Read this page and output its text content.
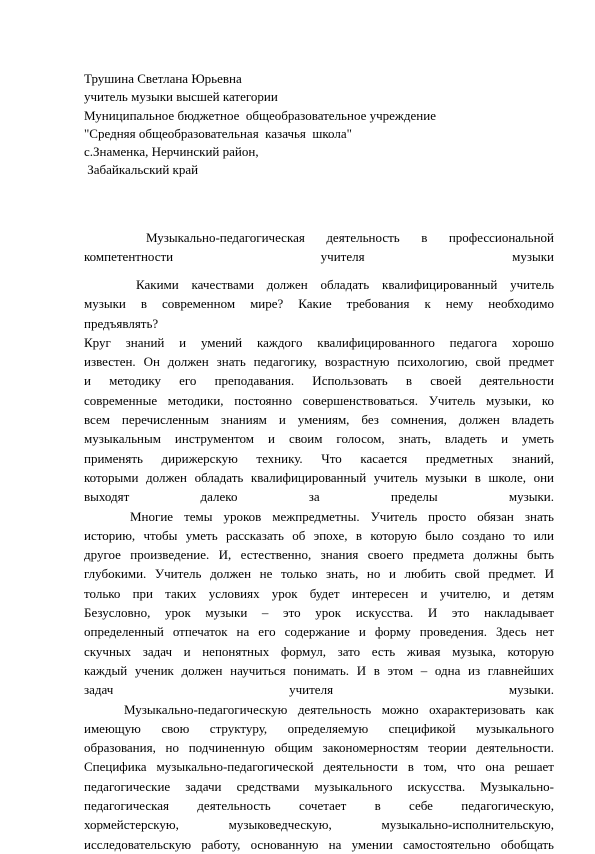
Трушина Светлана Юрьевна
учитель музыки высшей категории
Муниципальное бюджетное  общеобразовательное учреждение
"Средняя общеобразовательная  казачья  школа"
с.Знаменка, Нерчинский район,
Забайкальский край
Музыкально-педагогическая деятельность в профессиональной
компетентности учителя музыки
Какими качествами должен обладать квалифицированный учитель
музыки в современном мире? Какие требования к нему необходимо
предъявлять?
Круг знаний и умений каждого квалифицированного педагога хорошо
известен. Он должен знать педагогику, возрастную психологию, свой предмет
и методику его преподавания. Использовать в своей деятельности
современные методики, постоянно совершенствоваться. Учитель музыки, ко
всем перечисленным знаниям и умениям, без сомнения, должен владеть
музыкальным инструментом и своим голосом, знать, владеть и уметь
применять дирижерскую технику. Что касается предметных знаний,
которыми должен обладать квалифицированный учитель музыки в школе, они
выходят далеко за пределы музыки.
Многие темы уроков межпредметны. Учитель просто обязан знать
историю, чтобы уметь рассказать об эпохе, в которую было создано то или
другое произведение. И, естественно, знания своего предмета должны быть
глубокими. Учитель должен не только знать, но и любить свой предмет. И
только при таких условиях урок будет интересен и учителю, и детям
Безусловно, урок музыки – это урок искусства. И это накладывает
определенный отпечаток на его содержание и форму проведения. Здесь нет
скучных задач и непонятных формул, зато есть живая музыка, которую
каждый ученик должен научиться понимать. И в этом – одна из главнейших
задач учителя музыки.
Музыкально-педагогическую деятельность можно охарактеризовать как
имеющую свою структуру, определяемую спецификой музыкального
образования, но подчиненную общим закономерностям теории деятельности.
Специфика музыкально-педагогической деятельности в том, что она решает
педагогические задачи средствами музыкального искусства. Музыкально-
педагогическая деятельность сочетает в себе педагогическую,
хормейстерскую, музыковедческую, музыкально-исполнительскую,
исследовательскую работу, основанную на умении самостоятельно обобщать
